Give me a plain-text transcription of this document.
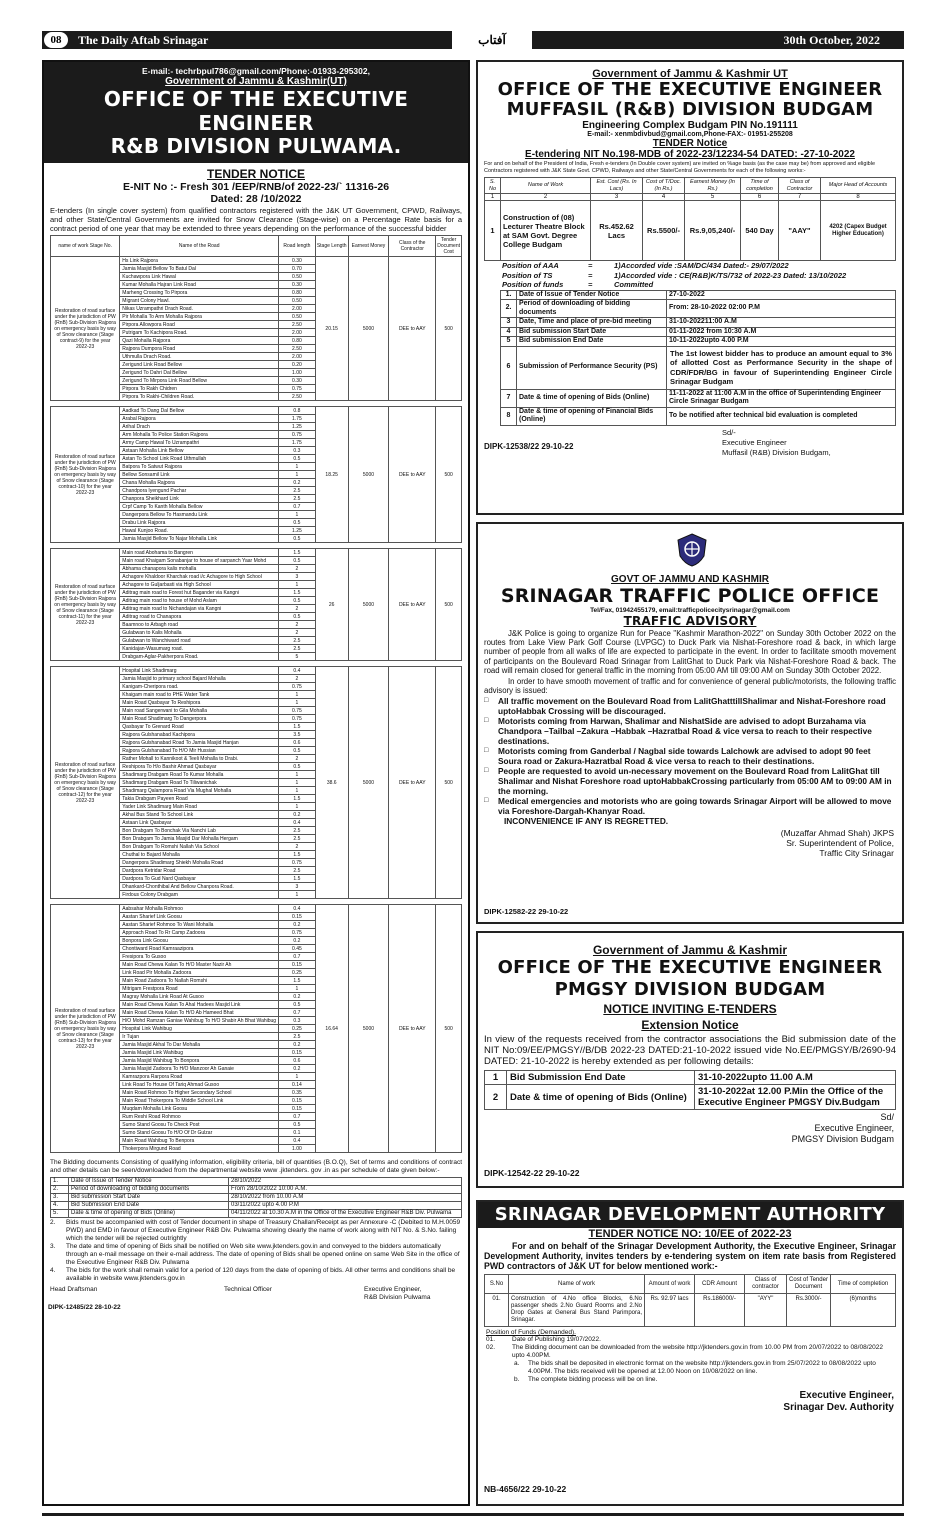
08	The Daily Aftab Srinagar	آفتاب	30th October, 2022
E-mail:- techrbpul786@gmail.com/Phone:-01933-295302,
Government of Jammu & Kashmir(UT)
OFFICE OF THE EXECUTIVE ENGINEER
R&B DIVISION PULWAMA.
TENDER NOTICE
E-NIT No :- Fresh 301 /EEP/RNB/of 2022-23/` 11316-26
Dated: 28 /10/2022
E-tenders (In single cover system) from qualified contractors registered with the J&K UT Government, CPWD, Railways, and other State/Central Governments are invited for Snow Clearance (Stage-wise) on a Percentage Rate basis for a contract period of one year that may be extended to three years depending on the performance of the successful bidder
name of work Stage No.	Name of the Road	Road length	Stage Length	Earnest Money	Class of the Contractor	Tender Document Cost
Restoration of road surface under the jurisdiction of PW (RnB) Sub-Division Rajpora on emergency basis by way of Snow clearance (Stage contract-9) for the year 2022-23	Hs Link Rajpora	0.30	20.15	5000	DEE to AAY	500
	Jamia Masjid Bellow To Batul Dal	0.70				
	Kuchawpora Link Hawal	0.50				
	Kumar Mohalla Hajran Link Road	0.30				
	Marheng Crossing To Pirpora	0.80				
	Migrant Colony Hawl.	0.50				
	Nikas Uzrampathri Drach Road.	2.00				
	Pir Mohalla To Arm Mohalla Rajpora	0.50				
	Pirpora Allowpora Road	2.50				
	Putrigam To Kachipora Road.	2.00				
	Qazi Mohalla Rajpora	0.80				
	Rajpora Dumpora Road	2.50				
	Uthmulla Drach Road.	2.00				
	Zerigund Link Road Bellow	0.20				
	Zerigund To Dahri Dal Bellow	1.00				
	Zerigund To Mirpora Link Road Bellow	0.30				
	Pirpora To Rakh Chidren	0.75				
	Pirpora To Rakhi-Children Road.	2.50				

Restoration of road surface under the jurisdiction of PW (RnB) Sub-Division Rajpora on emergency basis by way of Snow clearance (Stage contract-10) for the year 2022-23	Aadkad To Dang Dal Bellow	0.8	18.25	5000	DEE to AAY	500
	Arabal Rajpora	1.75				
	Arihal Drach	1.25				
	Arm Mohalla To Police Station Rajpora	0.75				
	Army Camp Hawal To Uzrampathri	1.75				
	Astaan Mohalla Link Bellow	0.3				
	Astan To School Link Road Uthmullah	0.5				
	Batpora To Satwut Rajpora	1				
	Bellow Sonsamil Link	1				
	Chana Mohalla Rajpora	0.2				
	Chandpora Iyengund Pachar	2.5				
	Chanpora Sheikhard Link	2.5				
	Crpf Camp To Kanth Mohalla Bellow	0.7				
	Dangerpora Bellow To Hasmandu Link	1				
	Drabu Link Rajpora	0.5				
	Hawal Kunjoo Road.	1.25				
	Jamia Masjid Bellow To Najar Mohalla Link	0.5				

Restoration of road surface under the jurisdiction of PW (RnB) Sub-Division Rajpora on emergency basis by way of Snow clearance (Stage contract-11) for the year 2022-23	Main road Abohama to Bangren	1.5	26	5000	DEE to AAY	500
	Main road Khaigam Sonabanjar to house of sarpanch Yaar Mohd	0.5				
	Abhama chanapora kalis mohalla	2				
	Achagore Khaldoor Kharchak road i/c Achagore to High School	3				
	Achagore to Guljarbasti via High School	1				
	Aditrag main road to Forest hut Bagander via Kangni	1.5				
	Aditrag main road to house of Mohd Aslam	0.5				
	Aditrag main road to Nichandajan via Kangni	2				
	Aditrag road to Chanapora	0.5				
	Baamnoo to Arbagh road	2				
	Gulabwan to Kalis Mohalla	2				
	Gulabwan to Wanchiward road	2.5				
	Kanidajan-Wasumarg road.	2.5				
	Drabgam-Aglar-Pakherpora Road.	5				

Restoration of road surface under the jurisdiction of PW (RnB) Sub-Division Rajpora on emergency basis by way of Snow clearance (Stage contract-12) for the year 2022-23	Hospital Link Shadimarg	0.4	38.6	5000	DEE to AAY	500
	Jamia Masjid to primary school Bajard Mohalla	2				
	Kanigam-Cheripora road.	0.75				
	Khaigam main road to PHE Water Tank	1				
	Main Road Qasbayar To Reshipora	1				
	Main road Sangerwani to Gila Mohalla	0.75				
	Main Road Shadimarg To Dangerpora	0.75				
	Qasbayar To Grenard Road	1.5				
	Rajpora Gulshanabad Kachipora	3.5				
	Rajpora Gulshanabad Road To Jamia Masjid Hanjan	0.6				
	Rajpora Gulshanabad To H/O Mir Hussian	0.5				
	Rather Mohall to Kannikoot & Teeli Mohalla to Drabi.	2				
	Reshipora To H/o Bashir Ahmad Qasbayar	0.5				
	Shadimarg Drabgam Road To Kumar Mohalla	1				
	Shadimarg Drabgam Road To Tiliwanichak	1				
	Shadimarg Qalampora Road Via Mughal Mohalla	1				
	Takia Drabgam Payeen Road	1.5				
	Yader Link Shadimarg Main Road	1				
	Akhal Bus Stand To School Link	0.2				
	Astaan Link Qasbayar	0.4				
	Bon Drabgam To Bonchak Via Nanchi Lab	2.5				
	Bon Drabgam To Jamia Masjid Dar Mohalla Hergam	2.5				
	Bon Drabgam To Romshi Nallah Via School	2				
	Chuthal to Bajard Mohalla	1.5				
	Dangerpora Shadimarg Shiekh Mohalla Road	0.75				
	Dardpora Ketridar Road	2.5				
	Dardpora To Gud Nard Qasbayar	1.5				
	Dhankard-Chonthibal And Bellow Chanpora Road.	3				
	Firdous Colony Drabgam	1				

Restoration of road surface under the jurisdiction of PW (RnB) Sub-Division Rajpora on emergency basis by way of Snow clearance (Stage contract-13) for the year 2022-23	Aabsahar Mohalla Rohmoo	0.4	16.64	5000	DEE to AAY	500
	Aastan Sharief Link Goosu	0.15				
	Aastan Sharief Rohmoo To Wani Mohalla	0.2				
	Approach Road To Rr Camp Zadoora	0.75				
	Bonpora Link Goosu	0.2				
	Chontiward Road Kamraazipora	0.45				
	Fresipora To Gusoo	0.7				
	Main Road Chewa Kalan To H/O Master Nazir Ah	0.15				
	Link Road Pir Mohalla Zadoora	0.25				
	Main Road Zadoora To Nallah Romshi	1.5				
	Mitrigam Frestpora Road	1				
	Magray Mohalla Link Road At Gusoo	0.2				
	Main Road Chewa Kalan To Ahal Hadees Masjid Link	0.5				
	Main Road Chewa Kalan To H/O Ab Hameed Bhat	0.7				
	H/O Mohd Ramzan Ganiae Wahibug To H/O Shabir Ah Bhat Wahibug	0.3				
	Hospital Link Wahibug	0.25				
	Ir Tujan	2.5				
	Jamia Masjid Akhal To Dar Mohalla	0.2				
	Jamia Masjid Link Wahibug	0.15				
	Jamia Masjid Wahibug To Bonpora	0.6				
	Jamia Masjid Zadoora To H/O Manzoor Ah Ganaie	0.2				
	Kamrazpora Rarpora Road	1				
	Link Road To House Of Tariq Ahmad Gusoo	0.14				
	Main Road Rohmoo To Higher Secondary School	0.35				
	Main Road Thokerpora To Middle School Link	0.15				
	Muqdam Mohalla Link Goosu	0.15				
	Rum Reshi Road Rohmoo	0.7				
	Sumo Stand Goosu To Check Post	0.5				
	Sumo Stand Goosu To H/O Of Dr Gulzar	0.1				
	Main Road Wahibug To Benpora	0.4				
	Thokerpora Mirgund Road	1.00				
The Bidding documents Consisting of qualifying information, eligibility criteria, bill of quantities (B.O.Q), Set of terms and conditions of contract and other details can be seen/downloaded from the departmental website www .jktenders. gov .in as per schedule of date given below:-
1.	Date of Issue of Tender Notice	28/10/2022
2.	Period of downloading of bidding documents	From 28/10/2022 10:00 A.M.
3.	Bid submission Start Date	28/10/2022 from 10.00 A.M
4.	Bid Submission End Date	03/11/2022 upto 4.00 P.M
5.	Date & time of opening of Bids (Online)	04/11/2022 at 10.30 A.M in the Office of the Executive Engineer R&B Div. Pulwama
2.	Bids must be accompanied with cost of Tender document in shape of Treasury Challan/Receipt as per Annexure -C (Debited to M.H.0059 PWD) and EMD in favour of Executive Engineer R&B Div. Pulwama showing clearly the name of work along with NIT No. & S.No. failing which the tender will be rejected outrightly
3.	The date and time of opening of Bids shall be notified on Web site www.jktenders.gov.in and conveyed to the bidders automatically through an e-mail message on their e-mail address. The date of opening of Bids shall be opened online on same Web Site in the office of the Executive Engineer R&B Div. Pulwama
4.	The bids for the work shall remain valid for a period of 120 days from the date of opening of bids. All other terms and conditions shall be available in website www.jktenders.gov.in
Head Draftsman	Technical Officer	Executive Engineer,
R&B Division Pulwama
DIPK-12485/22 28-10-22
Government of Jammu & Kashmir UT
OFFICE OF THE EXECUTIVE ENGINEER
MUFFASIL (R&B) DIVISION BUDGAM
Engineering Complex Budgam PIN No.191111
E-mail:- xenmbdivbud@gmail.com,Phone-FAX:- 01951-255208
TENDER Notice
E-tendering NIT No.198-MDB of 2022-23/12234-54 DATED: -27-10-2022
For and on behalf of the President of India, Fresh e-tenders (In Double cover system) are invited on %age basis (as the case may be) from approved and eligible Contractors registered with J&K State Govt. CPWD, Railways and other State/Central Governments for each of the following works:-
S. No	Name of Work	Est. Cost (Rs. In Lacs)	Cost of T/Doc. (In Rs.)	Earnest Money (In Rs.)	Time of completion	Class of Contractor	Major Head of Accounts
1	2	3	4	5	6	7	8
1	Construction of (08) Lecturer Theatre Block at SAM Govt. Degree College Budgam	Rs.452.62 Lacs	Rs.5500/-	Rs.9,05,240/-	540 Day	"AAY"	4202 (Capex Budget Higher Education)
Position of AAA	=	1)Accorded vide :SAM/DC/434 Dated:- 29/07/2022
Position of TS	=	1)Accorded vide : CE(R&B)K/TS/732 of 2022-23 Dated: 13/10/2022
Position of funds	=	Committed
1.	Date of Issue of Tender Notice	27-10-2022
2.	Period of downloading of bidding documents	From: 28-10-2022 02:00 P.M
3	Date, Time and place of pre-bid meeting	31-10-202211:00 A.M
4	Bid submission Start Date	01-11-2022 from 10:30 A.M
5	Bid submission End Date	10-11-2022upto 4.00 P.M
6	Submission of Performance Security (PS)	The 1st lowest bidder has to produce an amount equal to 3% of allotted Cost as Performance Security in the shape of CDR/FDR/BG in favour of Superintending Engineer Circle Srinagar Budgam
7	Date & time of opening of Bids (Online)	11-11-2022 at 11:00 A.M in the office of Superintending Engineer Circle Srinagar Budgam
8	Date & time of opening of Financial Bids (Online)	To be notified after technical bid evaluation is completed
Sd/-
Executive Engineer
Muffasil (R&B) Division Budgam,
DIPK-12538/22 29-10-22
GOVT OF JAMMU AND KASHMIR
SRINAGAR TRAFFIC POLICE OFFICE
Tel/Fax, 01942455179, email:trafficpolicecitysrinagar@gmail.com
TRAFFIC ADVISORY
J&K Police is going to organize Run for Peace "Kashmir Marathon-2022" on Sunday 30th October 2022 on the routes from Lake View Park Golf Course (LVPGC) to Duck Park via Nishat-Foreshore road & back, in which large number of people from all walks of life are expected to participate in the event. In order to facilitate smooth movement of participants on the Boulevard Road Srinagar from LalitGhat to Duck Park via Nishat-Foreshore Road & back. The road will remain closed for general traffic in the morning from 05:00 AM till 09:00 AM on Sunday 30th October 2022.
In order to have smooth movement of traffic and for convenience of general public/motorists, the following traffic advisory is issued:
□ All traffic movement on the Boulevard Road from LalitGhatttillShalimar and Nishat-Foreshore road uptoHabbak Crossing will be discouraged.
□ Motorists coming from Harwan, Shalimar and NishatSide are advised to adopt Burzahama via Chandpora –Tailbal –Zakura –Habbak –Hazratbal Road & vice versa to reach to their respective destinations.
□ Motorists coming from Ganderbal / Nagbal side towards Lalchowk are advised to adopt 90 feet Soura road or Zakura-Hazratbal Road & vice versa to reach to their destinations.
□ People are requested to avoid un-necessary movement on the Boulevard Road from LalitGhat till Shalimar and Nishat Foreshore road uptoHabbakCrossing particularly from 05:00 AM to 09:00 AM in the morning.
□ Medical emergencies and motorists who are going towards Srinagar Airport will be allowed to move via Foreshore-Dargah-Khanyar Road.
INCONVENIENCE IF ANY IS REGRETTED.
(Muzaffar Ahmad Shah) JKPS
Sr. Superintendent of Police,
Traffic City Srinagar
DIPK-12582-22 29-10-22
Government of Jammu & Kashmir
OFFICE OF THE EXECUTIVE ENGINEER
PMGSY DIVISION BUDGAM
NOTICE INVITING E-TENDERS
Extension Notice
In view of the requests received from the contractor associations the Bid submission date of the NIT No:09/EE/PMGSY//B/DB 2022-23 DATED:21-10-2022 issued vide No.EE/PMGSY/B/2690-94 DATED: 21-10-2022 is hereby extended as per following details:
1	Bid Submission End Date	31-10-2022upto 11.00 A.M
2	Date & time of opening of Bids (Online)	31-10-2022at 12.00 P.Min the Office of the Executive Engineer PMGSY Div.Budgam
Sd/
Executive Engineer,
PMGSY Division Budgam
DIPK-12542-22 29-10-22
SRINAGAR DEVELOPMENT AUTHORITY
TENDER NOTICE NO: 10/EE of 2022-23
For and on behalf of the Srinagar Development Authority, the Executive Engineer, Srinagar Development Authority, invites tenders by e-tendering system on item rate basis from Registered PWD contractors of J&K UT for below mentioned work:-
S.No	Name of work	Amount of work	CDR Amount	Class of contractor	Cost of Tender Document	Time of completion
01.	Construction of 4.No office Blocks, 6.No passenger sheds 2.No Guard Rooms and 2.No Drop Gates at General Bus Stand Parimpora, Srinagar.	Rs. 92.97 lacs	Rs.186000/-	"AYY"	Rs.3000/-	(6)months
Position of Funds (Demanded).
01.	Date of Publishing 19/07/2022.
02.	The Bidding document can be downloaded from the website http://jktenders.gov.in from 10.00 PM from 20/07/2022 to 08/08/2022 upto 4.00PM.
a.	The bids shall be deposited in electronic format on the website http://jktenders.gov.in from 25/07/2022 to 08/08/2022 upto 4.00PM. The bids received will be opened at 12.00 Noon on 10/08/2022 on line.
b.	The complete bidding process will be on line.
Executive Engineer,
Srinagar Dev. Authority
NB-4656/22 29-10-22
